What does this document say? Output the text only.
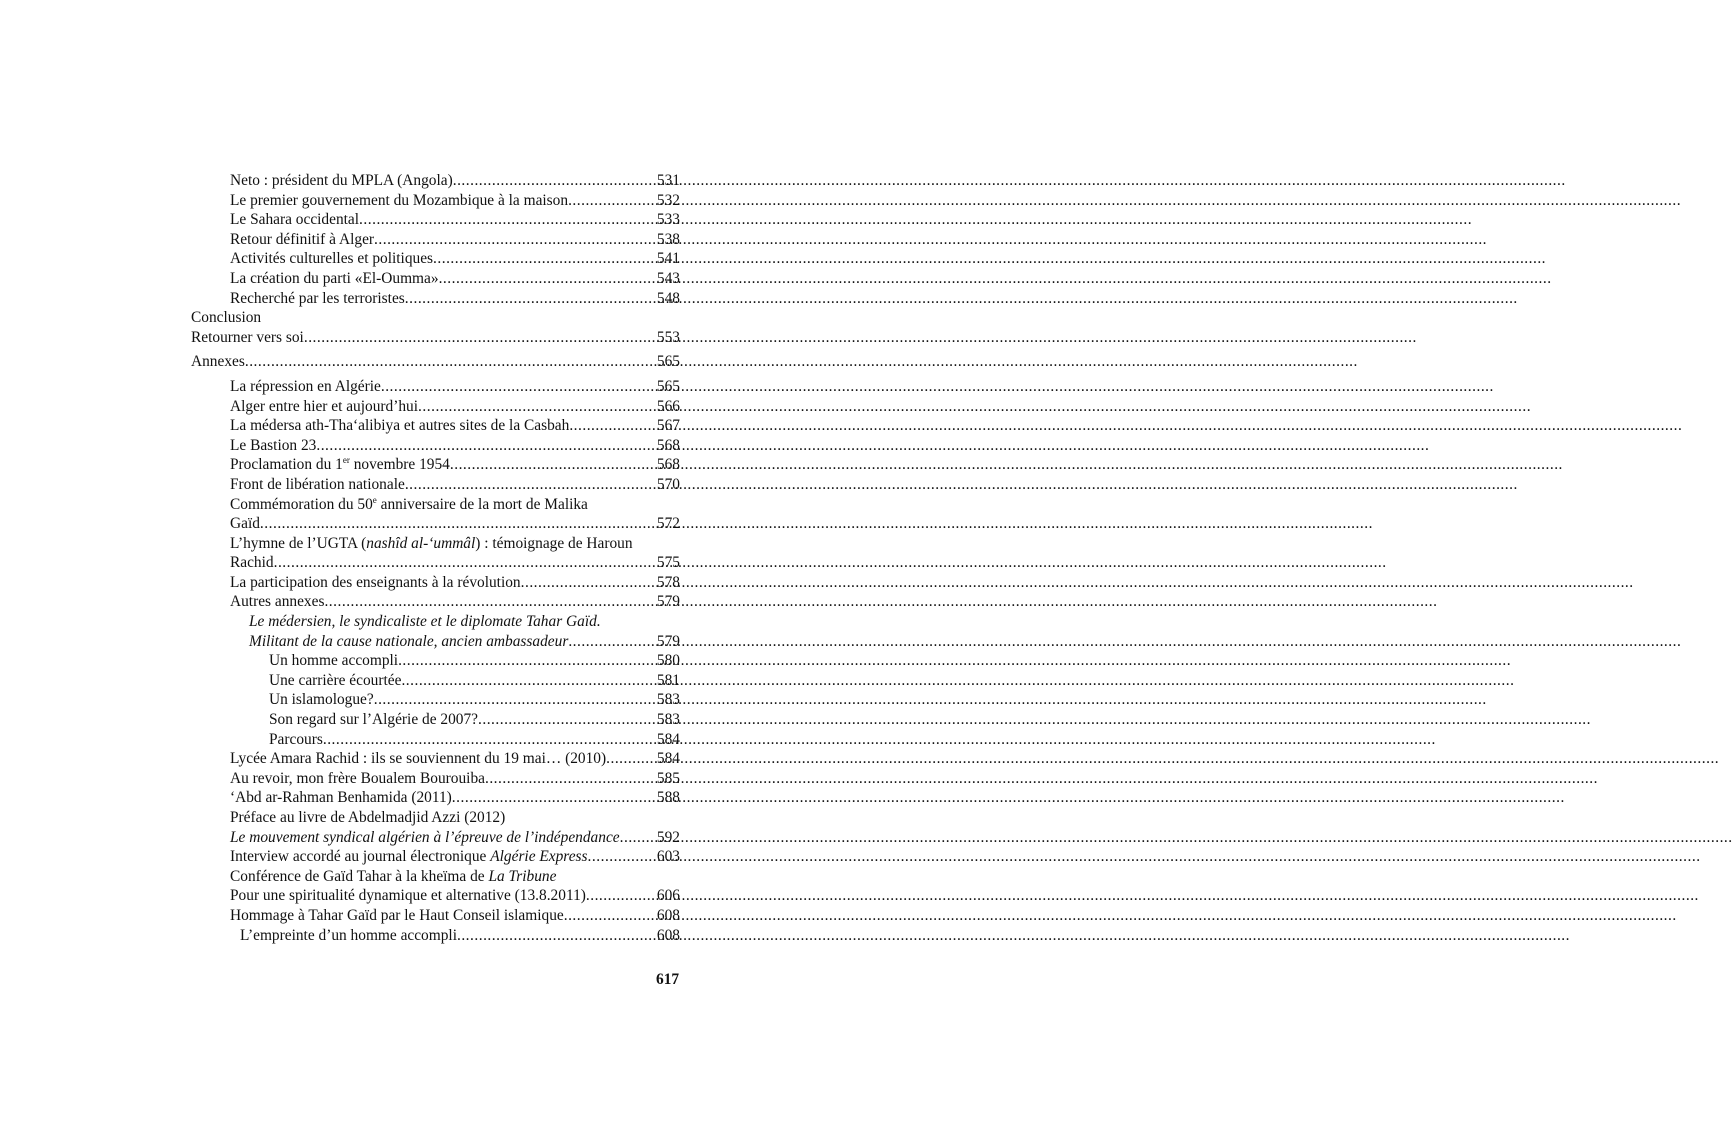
Neto : président du MPLA (Angola) .....	531
Le premier gouvernement du Mozambique à la maison .....	532
Le Sahara occidental .....	533
Retour définitif à Alger .....	538
Activités culturelles et politiques .....	541
La création du parti «El-Oumma» .....	543
Recherché par les terroristes .....	548
Conclusion
Retourner vers soi .....	553
Annexes .....	565
La répression en Algérie .....	565
Alger entre hier et aujourd’hui .....	566
La médersa ath-Tha‘alibiya et autres sites de la Casbah .....	567
Le Bastion 23 .....	568
Proclamation du 1er novembre 1954 .....	568
Front de libération nationale .....	570
Commémoration du 50e anniversaire de la mort de Malika
Gaïd .....	572
L’hymne de l’UGTA (nashîd al-‘ummâl) : témoignage de Haroun
Rachid .....	575
La participation des enseignants à la révolution .....	578
Autres annexes .....	579
Le médersien, le syndicaliste et le diplomate Tahar Gaïd.
Militant de la cause nationale, ancien ambassadeur .....	579
Un homme accompli .....	580
Une carrière écourtée .....	581
Un islamologue? .....	583
Son regard sur l’Algérie de 2007? .....	583
Parcours .....	584
Lycée Amara Rachid : ils se souviennent du 19 mai… (2010) .....	584
Au revoir, mon frère Boualem Bourouiba .....	585
‘Abd ar-Rahman Benhamida (2011) .....	588
Préface au livre de Abdelmadjid Azzi (2012)
Le mouvement syndical algérien à l’épreuve de l’indépendance ..... 592
Interview accordé au journal électronique Algérie Express .....	603
Conférence de Gaïd Tahar à la kheïma de La Tribune
Pour une spiritualité dynamique et alternative (13.8.2011) .....	606
Hommage à Tahar Gaïd par le Haut Conseil islamique .....	608
L’empreinte d’un homme accompli .....	608
617
